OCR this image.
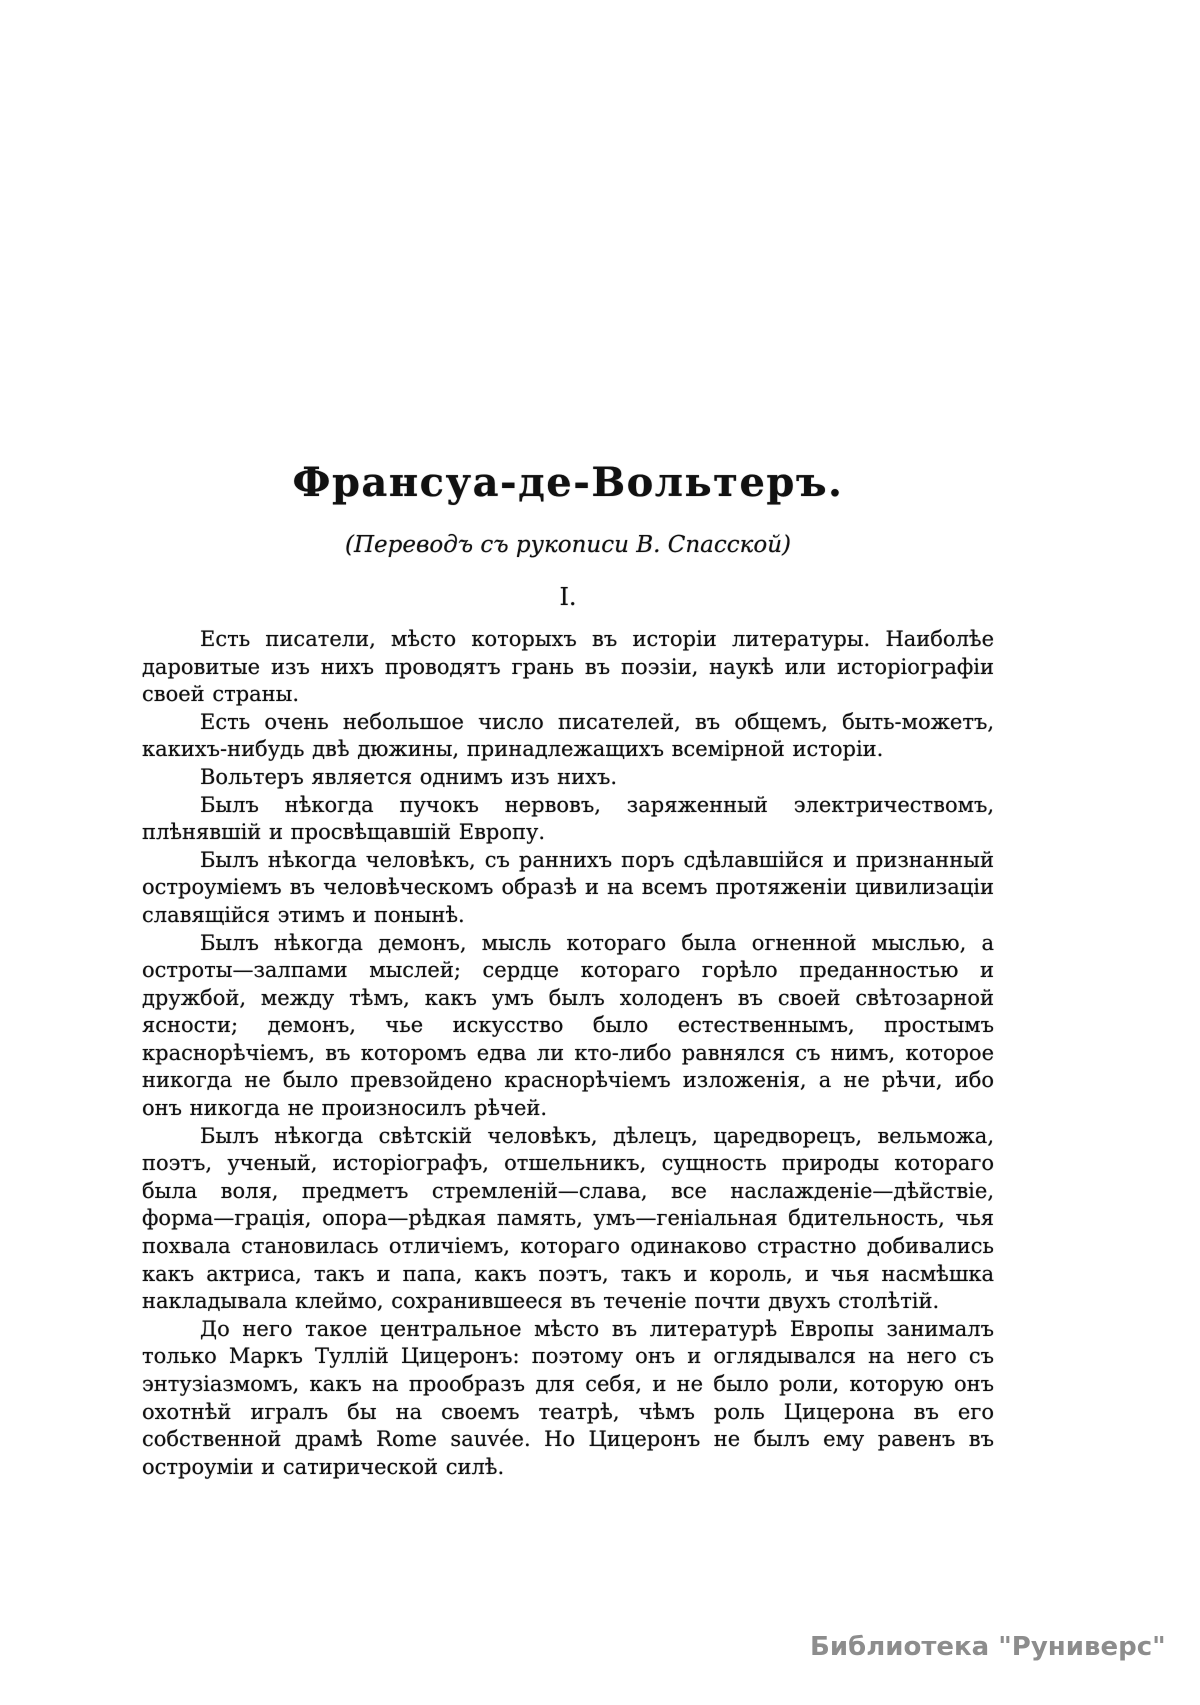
Франсуа-де-Вольтеръ.
(Переводъ съ рукописи В. Спасской)
I.

Есть писатели, мѣсто которыхъ въ исторіи литературы. Наиболѣе даровитые изъ нихъ проводятъ грань въ поэзіи, наукѣ или исторіографіи своей страны.

Есть очень небольшое число писателей, въ общемъ, быть-можетъ, какихъ-нибудь двѣ дюжины, принадлежащихъ всемірной исторіи.

Вольтеръ является однимъ изъ нихъ.

Былъ нѣкогда пучокъ нервовъ, заряженный электричествомъ, плѣнявшій и просвѣщавшій Европу.

Былъ нѣкогда человѣкъ, съ раннихъ поръ сдѣлавшійся и признанный остроуміемъ въ человѣческомъ образѣ и на всемъ протяженіи цивилизаціи славящійся этимъ и понынѣ.

Былъ нѣкогда демонъ, мысль котораго была огненной мыслью, а остроты—залпами мыслей; сердце котораго горѣло преданностью и дружбой, между тѣмъ, какъ умъ былъ холоденъ въ своей свѣтозарной ясности; демонъ, чье искусство было естественнымъ, простымъ краснорѣчіемъ, въ которомъ едва ли кто-либо равнялся съ нимъ, которое никогда не было превзойдено краснорѣчіемъ изложенія, а не рѣчи, ибо онъ никогда не произносилъ рѣчей.

Былъ нѣкогда свѣтскій человѣкъ, дѣлецъ, царедворецъ, вельможа, поэтъ, ученый, исторіографъ, отшельникъ, сущность природы котораго была воля, предметъ стремленій—слава, все наслажденіе—дѣйствіе, форма—грація, опора—рѣдкая память, умъ—геніальная бдительность, чья похвала становилась отличіемъ, котораго одинаково страстно добивались какъ актриса, такъ и папа, какъ поэтъ, такъ и король, и чья насмѣшка накладывала клеймо, сохранившееся въ теченіе почти двухъ столѣтій.

До него такое центральное мѣсто въ литературѣ Европы занималъ только Маркъ Туллій Цицеронъ: поэтому онъ и оглядывался на него съ энтузіазмомъ, какъ на прообразъ для себя, и не было роли, которую онъ охотнѣй игралъ бы на своемъ театрѣ, чѣмъ роль Цицерона въ его собственной драмѣ Rome sauvée. Но Цицеронъ не былъ ему равенъ въ остроуміи и сатирической силѣ.

Библиотека "Руниверс"
